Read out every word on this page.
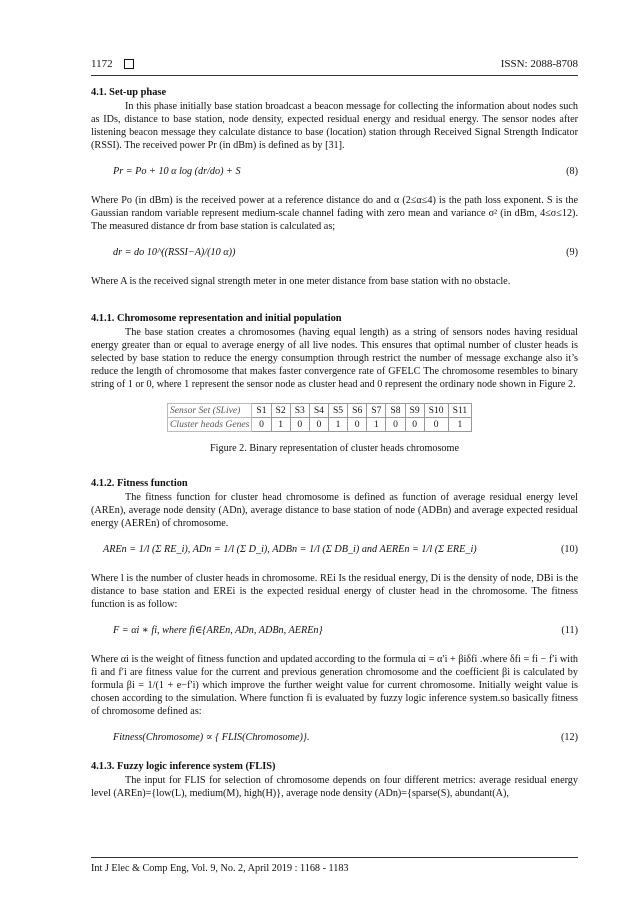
1172	ISSN: 2088-8708
4.1. Set-up phase

In this phase initially base station broadcast a beacon message for collecting the information about nodes such as IDs, distance to base station, node density, expected residual energy and residual energy. The sensor nodes after listening beacon message they calculate distance to base (location) station through Received Signal Strength Indicator (RSSI). The received power Pr (in dBm) is defined as by [31].

Pr = Po + 10 α log (dr/do) + S	(8)

Where Po (in dBm) is the received power at a reference distance do and α (2≤α≤4) is the path loss exponent. S is the Gaussian random variable represent medium-scale channel fading with zero mean and variance σ² (in dBm, 4≤σ≤12). The measured distance dr from base station is calculated as;

dr = do 10^((RSSI−A)/(10 α))	(9)

Where A is the received signal strength meter in one meter distance from base station with no obstacle.

4.1.1. Chromosome representation and initial population

The base station creates a chromosomes (having equal length) as a string of sensors nodes having residual energy greater than or equal to average energy of all live nodes. This ensures that optimal number of cluster heads is selected by base station to reduce the energy consumption through restrict the number of message exchange also it’s reduce the length of chromosome that makes faster convergence rate of GFELC The chromosome resembles to binary string of 1 or 0, where 1 represent the sensor node as cluster head and 0 represent the ordinary node shown in Figure 2.

Sensor Set (SLive)	S1	S2	S3	S4	S5	S6	S7	S8	S9	S10	S11
Cluster heads Genes	0	1	0	0	1	0	1	0	0	0	1
Figure 2. Binary representation of cluster heads chromosome
4.1.2. Fitness function

The fitness function for cluster head chromosome is defined as function of average residual energy level (AREn), average node density (ADn), average distance to base station of node (ADBn) and average expected residual energy (AEREn) of chromosome.

AREn = 1/l (Σ RE_i), ADn = 1/l (Σ D_i), ADBn = 1/l (Σ DB_i) and AEREn = 1/l (Σ ERE_i)	(10)

Where l is the number of cluster heads in chromosome. REi Is the residual energy, Di is the density of node, DBi is the distance to base station and EREi is the expected residual energy of cluster head in the chromosome. The fitness function is as follow:

F = αi ∗ fi, where fi∈{AREn, ADn, ADBn, AEREn}	(11)

Where αi is the weight of fitness function and updated according to the formula αi = α′i + βiδfi .where δfi = fi − f′i with fi and f′i are fitness value for the current and previous generation chromosome and the coefficient βi is calculated by formula βi = 1/(1 + e−f′i) which improve the further weight value for current chromosome. Initially weight value is chosen according to the simulation. Where function fi is evaluated by fuzzy logic inference system.so basically fitness of chromosome defined as:

Fitness(Chromosome) ∝ { FLIS(Chromosome)}.	(12)
4.1.3. Fuzzy logic inference system (FLIS)

The input for FLIS for selection of chromosome depends on four different metrics: average residual energy level (AREn)={low(L), medium(M), high(H)}, average node density (ADn)={sparse(S), abundant(A),

Int J Elec & Comp Eng, Vol. 9, No. 2, April 2019 : 1168 - 1183
